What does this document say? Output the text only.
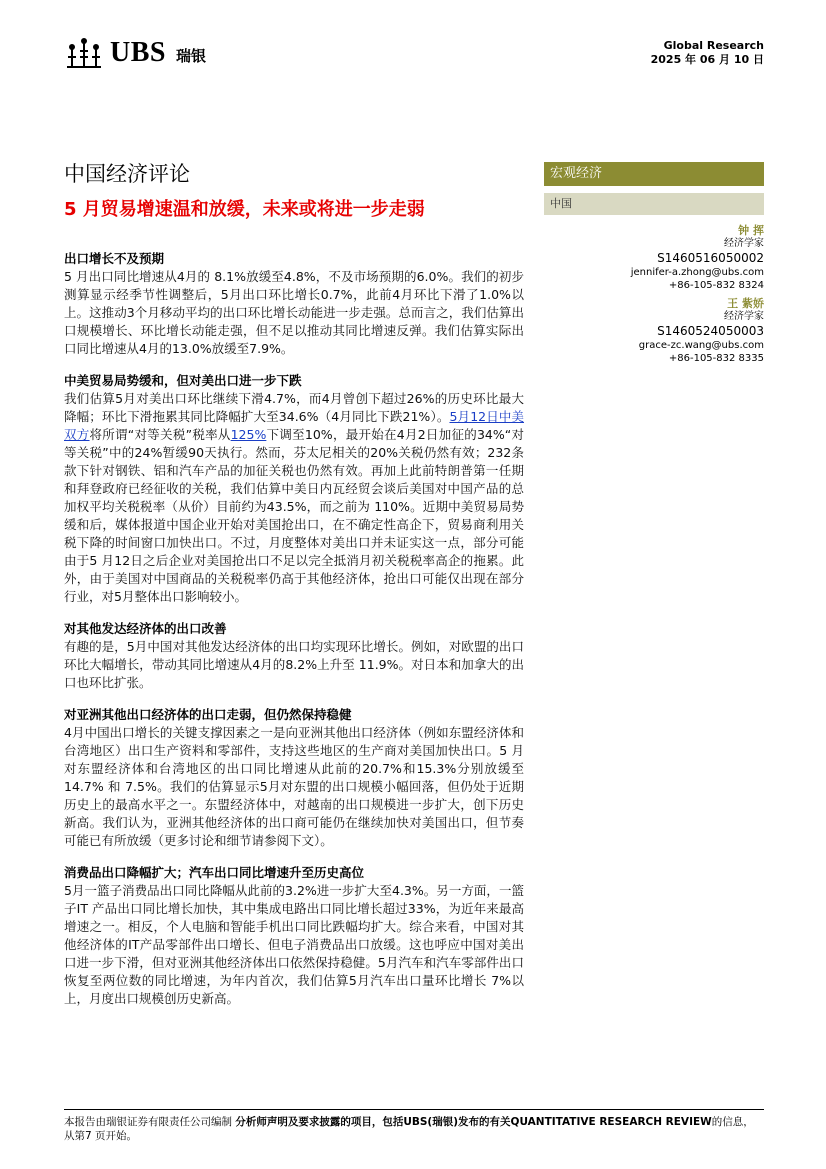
UBS 瑞银
Global Research
2025 年 06 月 10 日
中国经济评论
5 月贸易增速温和放缓，未来或将进一步走弱
宏观经济
中国
钟 挥
经济学家
S1460516050002
jennifer-a.zhong@ubs.com
+86-105-832 8324
王 紫娇
经济学家
S1460524050003
grace-zc.wang@ubs.com
+86-105-832 8335
出口增长不及预期

5 月出口同比增速从4月的 8.1%放缓至4.8%，不及市场预期的6.0%。我们的初步测算显示经季节性调整后，5月出口环比增长0.7%，此前4月环比下滑了1.0%以上。这推动3个月移动平均的出口环比增长动能进一步走强。总而言之，我们估算出口规模增长、环比增长动能走强，但不足以推动其同比增速反弹。我们估算实际出口同比增速从4月的13.0%放缓至7.9%。

中美贸易局势缓和，但对美出口进一步下跌

我们估算5月对美出口环比继续下滑4.7%，而4月曾创下超过26%的历史环比最大降幅；环比下滑拖累其同比降幅扩大至34.6%（4月同比下跌21%）。5月12日中美双方将所谓“对等关税”税率从125%下调至10%，最开始在4月2日加征的34%“对等关税”中的24%暂缓90天执行。然而，芬太尼相关的20%关税仍然有效；232条款下针对钢铁、铝和汽车产品的加征关税也仍然有效。再加上此前特朗普第一任期和拜登政府已经征收的关税，我们估算中美日内瓦经贸会谈后美国对中国产品的总加权平均关税税率（从价）目前约为43.5%，而之前为 110%。近期中美贸易局势缓和后，媒体报道中国企业开始对美国抢出口，在不确定性高企下，贸易商利用关税下降的时间窗口加快出口。不过，月度整体对美出口并未证实这一点，部分可能由于5 月12日之后企业对美国抢出口不足以完全抵消月初关税税率高企的拖累。此外，由于美国对中国商品的关税税率仍高于其他经济体，抢出口可能仅出现在部分行业，对5月整体出口影响较小。

对其他发达经济体的出口改善

有趣的是，5月中国对其他发达经济体的出口均实现环比增长。例如，对欧盟的出口环比大幅增长，带动其同比增速从4月的8.2%上升至 11.9%。对日本和加拿大的出口也环比扩张。

对亚洲其他出口经济体的出口走弱，但仍然保持稳健

4月中国出口增长的关键支撑因素之一是向亚洲其他出口经济体（例如东盟经济体和台湾地区）出口生产资料和零部件，支持这些地区的生产商对美国加快出口。5 月对东盟经济体和台湾地区的出口同比增速从此前的20.7%和15.3%分别放缓至14.7% 和 7.5%。我们的估算显示5月对东盟的出口规模小幅回落，但仍处于近期历史上的最高水平之一。东盟经济体中，对越南的出口规模进一步扩大，创下历史新高。我们认为，亚洲其他经济体的出口商可能仍在继续加快对美国出口，但节奏可能已有所放缓（更多讨论和细节请参阅下文）。

消费品出口降幅扩大；汽车出口同比增速升至历史高位

5月一篮子消费品出口同比降幅从此前的3.2%进一步扩大至4.3%。另一方面，一篮子IT 产品出口同比增长加快，其中集成电路出口同比增长超过33%，为近年来最高增速之一。相反，个人电脑和智能手机出口同比跌幅均扩大。综合来看，中国对其他经济体的IT产品零部件出口增长、但电子消费品出口放缓。这也呼应中国对美出口进一步下滑，但对亚洲其他经济体出口依然保持稳健。5月汽车和汽车零部件出口恢复至两位数的同比增速，为年内首次，我们估算5月汽车出口量环比增长 7%以上，月度出口规模创历史新高。

本报告由瑞银证券有限责任公司编制 分析师声明及要求披露的项目，包括UBS(瑞银)发布的有关QUANTITATIVE RESEARCH REVIEW的信息，从第7 页开始。
